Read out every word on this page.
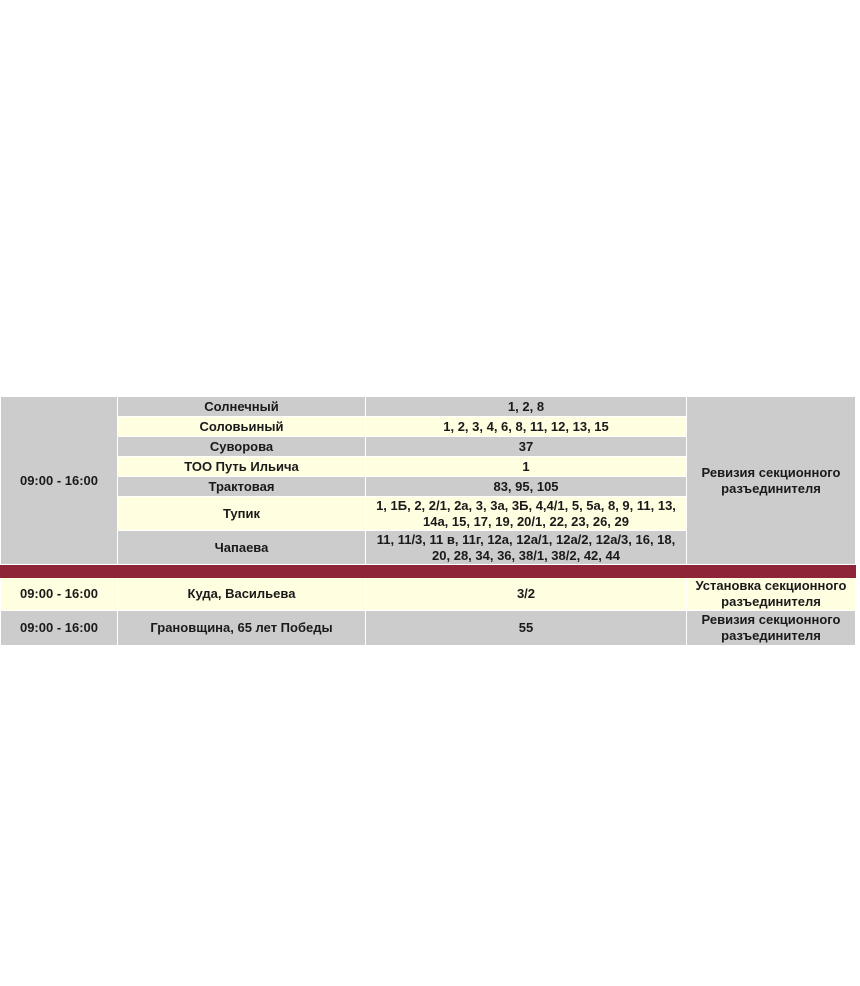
09:00 - 16:00	Солнечный	1, 2, 8	Ревизия секционного разъединителя
	Соловьиный	1, 2, 3, 4, 6, 8, 11, 12, 13, 15	
	Суворова	37	
	ТОО Путь Ильича	1	
	Трактовая	83, 95, 105	
	Тупик	1, 1Б, 2, 2/1, 2а, 3, 3а, 3Б, 4,4/1, 5, 5а, 8, 9, 11, 13, 14а, 15, 17, 19, 20/1, 22, 23, 26, 29	
	Чапаева	11, 11/3, 11 в, 11г, 12а, 12а/1, 12а/2, 12а/3, 16, 18, 20, 28, 34, 36, 38/1, 38/2, 42, 44	

09:00 - 16:00	Куда, Васильева	3/2	Установка секционного разъединителя
09:00 - 16:00	Грановщина, 65 лет Победы	55	Ревизия секционного разъединителя
